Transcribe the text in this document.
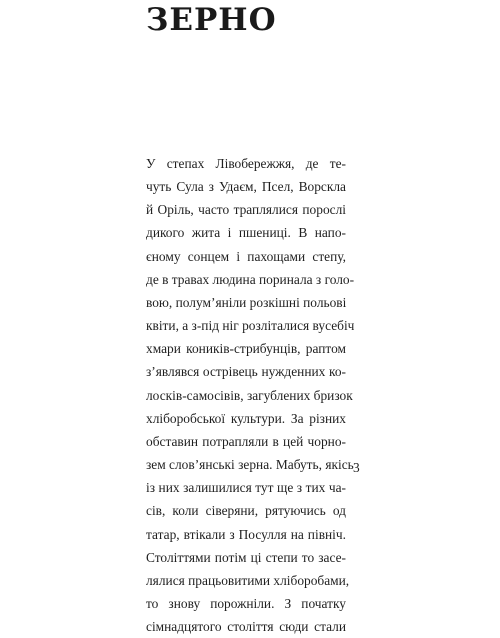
ЗЕРНО
У степах Лівобережжя, де те-
чуть Сула з Удаєм, Псел, Ворскла
й Оріль, часто траплялися пороcлі
дикого жита і пшениці. В напо-
єному сонцем і пахощами степу,
де в травах людина поринала з голо-
вою, полум’яніли розкішні польові
квіти, а з-під ніг розліталися вусебіч
хмари коників-стрибунців, раптом
з’являвся острівець нужденних ко-
лосків-самосівів, загублених бризок
хліборобської культури. За різних
обставин потрапляли в цей чорно-
зем слов’янські зерна. Мабуть, якісь
із них залишилися тут ще з тих ча-
сів, коли сіверяни, рятуючись од
татар, втікали з Посулля на північ.
Століттями потім ці степи то засе-
лялися працьовитими хліборобами,
то знову порожніли. З початку
сімнадцятого століття сюди стали
3
